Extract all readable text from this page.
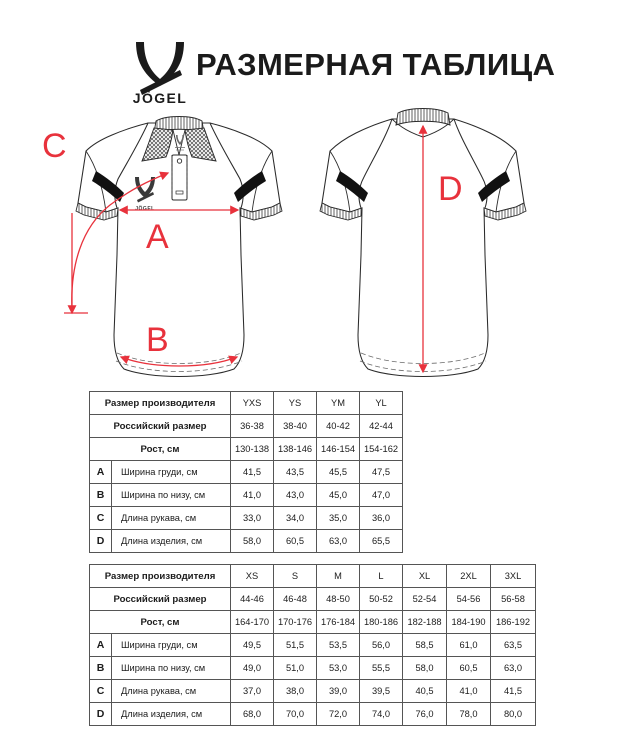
JÖGEL
РАЗМЕРНАЯ ТАБЛИЦА
JÖGEL
C
A
B
D
Размер производителя		YXS	YS	YM	YL
Российский размер		36-38	38-40	40-42	42-44
Рост, см		130-138	138-146	146-154	154-162
A	Ширина груди, см	41,5	43,5	45,5	47,5
B	Ширина по низу, см	41,0	43,0	45,0	47,0
C	Длина рукава, см	33,0	34,0	35,0	36,0
D	Длина изделия, см	58,0	60,5	63,0	65,5
Размер производителя		XS	S	M	L	XL	2XL	3XL
Российский размер		44-46	46-48	48-50	50-52	52-54	54-56	56-58
Рост, см		164-170	170-176	176-184	180-186	182-188	184-190	186-192
A	Ширина груди, см	49,5	51,5	53,5	56,0	58,5	61,0	63,5
B	Ширина по низу, см	49,0	51,0	53,0	55,5	58,0	60,5	63,0
C	Длина рукава, см	37,0	38,0	39,0	39,5	40,5	41,0	41,5
D	Длина изделия, см	68,0	70,0	72,0	74,0	76,0	78,0	80,0
